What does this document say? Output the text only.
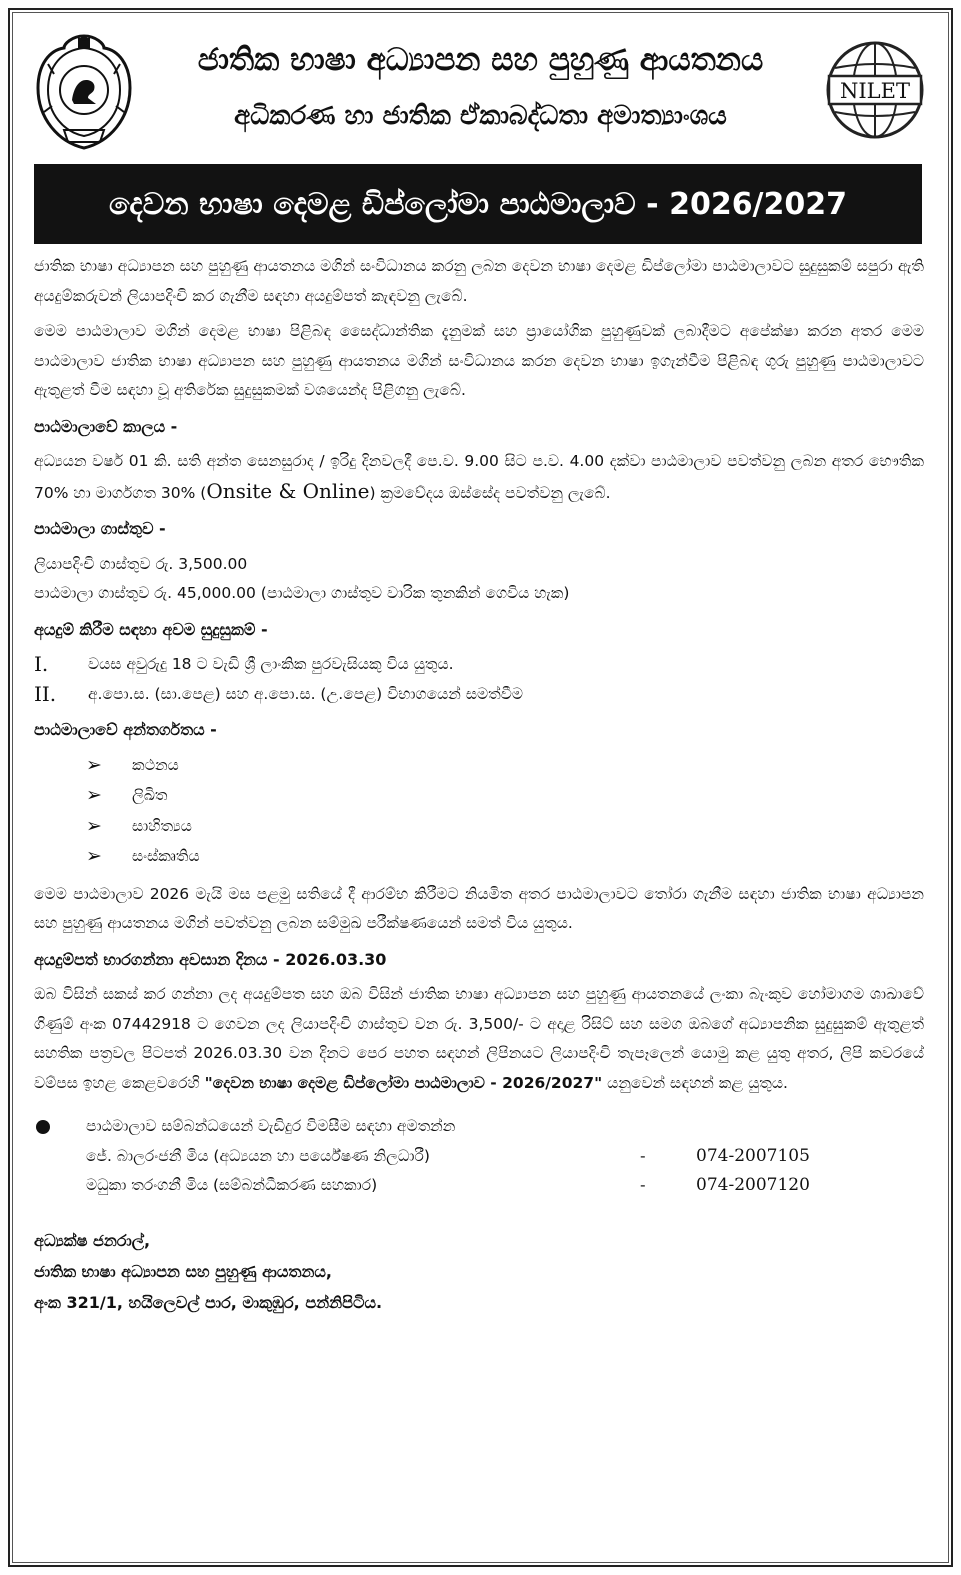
ජාතික භාෂා අධ්‍යාපන සහ පුහුණු ආයතනය
අධිකරණ හා ජාතික ඒකාබද්ධතා අමාත්‍යාංශය
NILET
දෙවන භාෂා දෙමළ ඩිප්ලෝමා පාඨමාලාව - 2026/2027

ජාතික භාෂා අධ්‍යාපන සහ පුහුණු ආයතනය මගින් සංවිධානය කරනු ලබන දෙවන භාෂා දෙමළ ඩිප්ලෝමා පාඨමාලාවට සුදුසුකම් සපුරා ඇති අයදුම්කරුවන් ලියාපදිංචි කර ගැනීම සඳහා අයදුම්පත් කැඳවනු ලැබේ.

මෙම පාඨමාලාව මගින් දෙමළ භාෂා පිළිබඳ සෛද්ධාන්තික දැනුමක් සහ ප්‍රායෝගික පුහුණුවක් ලබාදීමට අපේක්ෂා කරන අතර මෙම පාඨමාලාව ජාතික භාෂා අධ්‍යාපන සහ පුහුණු ආයතනය මගින් සංවිධානය කරන දෙවන භාෂා ඉගැන්වීම පිළිබඳ ගුරු පුහුණු පාඨමාලාවට ඇතුළත් වීම සඳහා වූ අතිරේක සුදුසුකමක් වශයෙන්ද පිළිගනු ලැබේ.

පාඨමාලාවේ කාලය -

අධ්‍යයන වර්ෂ 01 කි. සති අන්ත සෙනසුරාද / ඉරිදු දිනවලදී පෙ.ව. 9.00 සිට ප.ව. 4.00 දක්වා පාඨමාලාව පවත්වනු ලබන අතර භෞතික 70% හා මාර්ගගත 30% (Onsite & Online) ක්‍රමවේදය ඔස්සේද පවත්වනු ලැබේ.

පාඨමාලා ගාස්තුව -
ලියාපදිංචි ගාස්තුව රු. 3,500.00
පාඨමාලා ගාස්තුව රු. 45,000.00 (පාඨමාලා ගාස්තුව වාරික තුනකින් ගෙවිය හැක)
අයදුම් කිරීම සඳහා අවම සුදුසුකම් -
I.	වයස අවුරුදු 18 ට වැඩි ශ්‍රී ලාංකික පුරවැසියකු විය යුතුය.
II.	අ.පො.ස. (සා.පෙළ) සහ අ.පො.ස. (උ.පෙළ) විභාගයෙන් සමත්වීම
පාඨමාලාවේ අන්තර්ගතය -
➢	කථනය
➢	ලිඛිත
➢	සාහිත්‍යය
➢	සංස්කෘතිය

මෙම පාඨමාලාව 2026 මැයි මස පළමු සතියේ දී ආරම්භ කිරීමට නියමිත අතර පාඨමාලාවට තෝරා ගැනීම සඳහා ජාතික භාෂා අධ්‍යාපන සහ පුහුණු ආයතනය මගින් පවත්වනු ලබන සම්මුඛ පරීක්ෂණයෙන් සමත් විය යුතුය.

අයදුම්පත් භාරගන්නා අවසාන දිනය - 2026.03.30

ඔබ විසින් සකස් කර ගන්නා ලද අයදුම්පත සහ ඔබ විසින් ජාතික භාෂා අධ්‍යාපන සහ පුහුණු ආයතනයේ ලංකා බැංකුව හෝමාගම ශාඛාවේ ගිණුම් අංක 07442918 ට ගෙවන ලද ලියාපදිංචි ගාස්තුව වන රු. 3,500/- ට අදාළ රිසිට් සහ සමග ඔබගේ අධ්‍යාපනික සුදුසුකම් ඇතුළත් සහතික පත්‍රවල පිටපත් 2026.03.30 වන දිනට පෙර පහත සඳහන් ලිපිනයට ලියාපදිංචි තැපෑලෙන් යොමු කළ යුතු අතර, ලිපි කවරයේ වම්පස ඉහළ කෙළවරෙහි "දෙවන භාෂා දෙමළ ඩිප්ලෝමා පාඨමාලාව - 2026/2027" යනුවෙන් සඳහන් කළ යුතුය.

පාඨමාලාව සම්බන්ධයෙන් වැඩිදුර විමසීම සඳහා අමතන්න
ජේ. බාලරංජනී මිය (අධ්‍යයන හා පර්යේෂණ නිලධාරී)	-	074-2007105
මධුකා තරංගනී මිය (සම්බන්ධීකරණ සහකාර)	-	074-2007120
අධ්‍යක්ෂ ජනරාල්,
ජාතික භාෂා අධ්‍යාපන සහ පුහුණු ආයතනය,
අංක 321/1, හයිලෙවල් පාර, මාකුඹුර, පන්නිපිටිය.
